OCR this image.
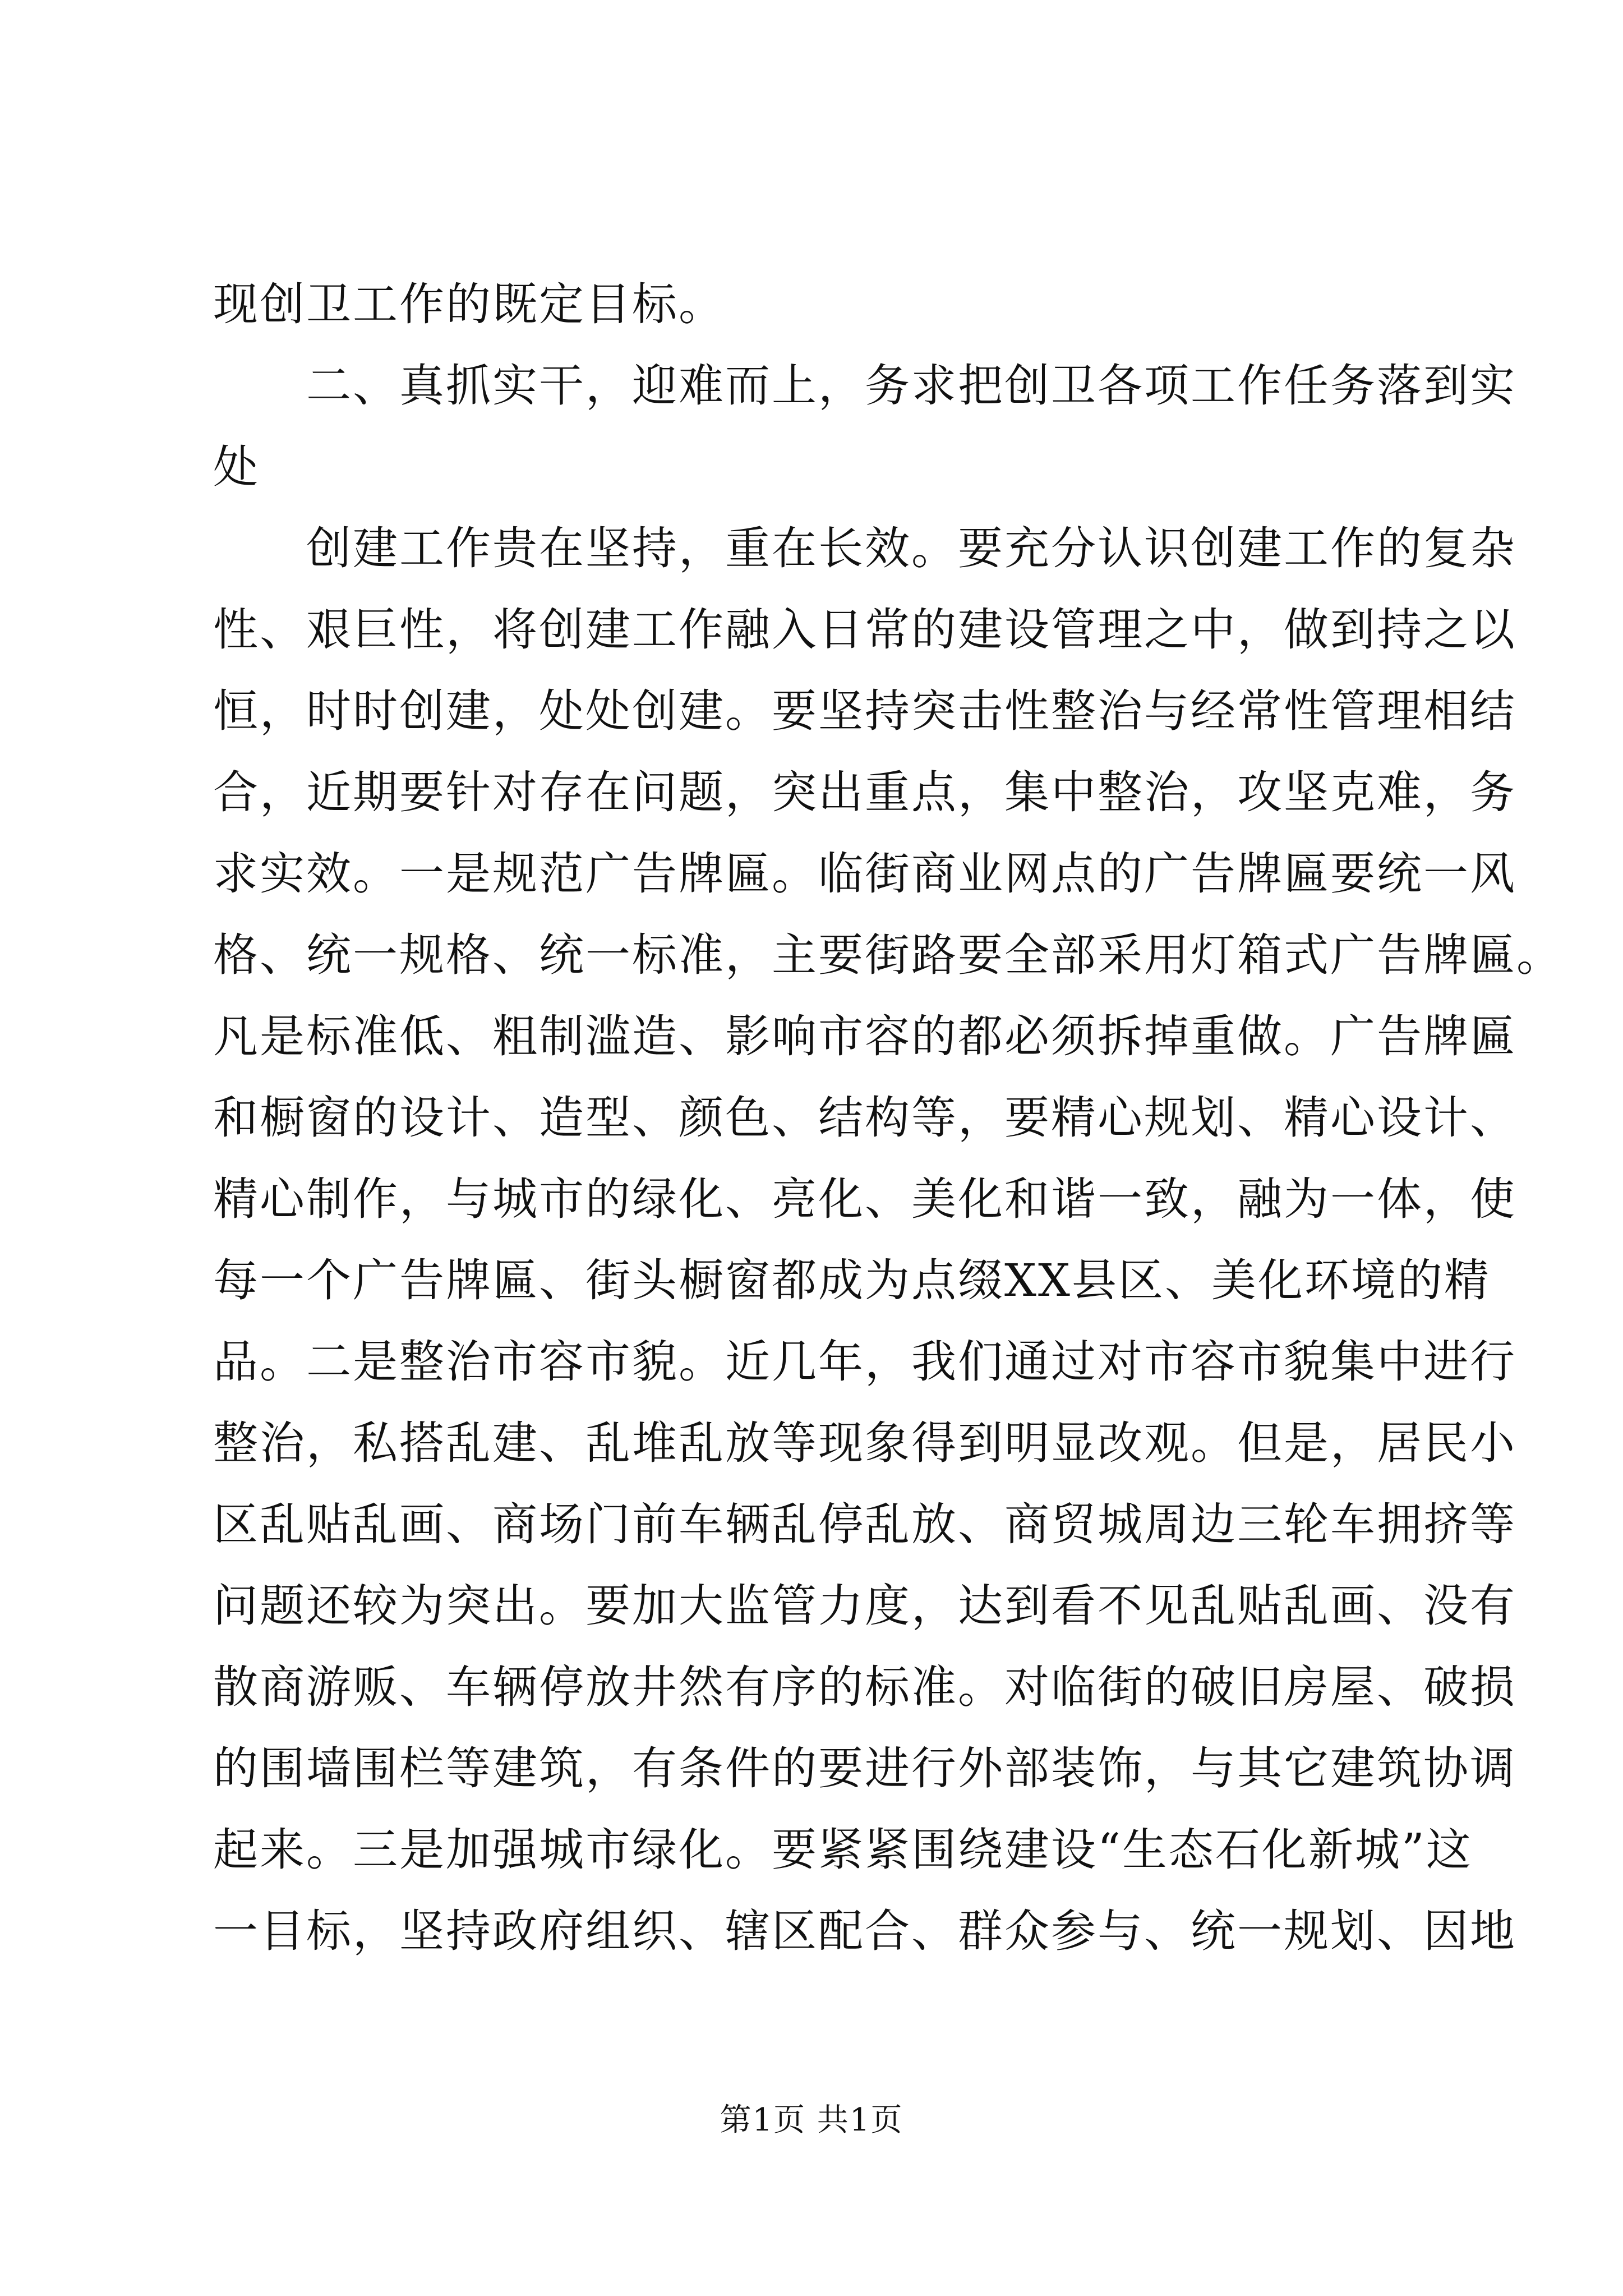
现创卫工作的既定目标。
　　二、真抓实干，迎难而上，务求把创卫各项工作任务落到实
处
　　创建工作贵在坚持，重在长效。要充分认识创建工作的复杂
性、艰巨性，将创建工作融入日常的建设管理之中，做到持之以
恒，时时创建，处处创建。要坚持突击性整治与经常性管理相结
合，近期要针对存在问题，突出重点，集中整治，攻坚克难，务
求实效。一是规范广告牌匾。临街商业网点的广告牌匾要统一风
格、统一规格、统一标准，主要街路要全部采用灯箱式广告牌匾。
凡是标准低、粗制滥造、影响市容的都必须拆掉重做。广告牌匾
和橱窗的设计、造型、颜色、结构等，要精心规划、精心设计、
精心制作，与城市的绿化、亮化、美化和谐一致，融为一体，使
每一个广告牌匾、街头橱窗都成为点缀XX县区、美化环境的精
品。二是整治市容市貌。近几年，我们通过对市容市貌集中进行
整治，私搭乱建、乱堆乱放等现象得到明显改观。但是，居民小
区乱贴乱画、商场门前车辆乱停乱放、商贸城周边三轮车拥挤等
问题还较为突出。要加大监管力度，达到看不见乱贴乱画、没有
散商游贩、车辆停放井然有序的标准。对临街的破旧房屋、破损
的围墙围栏等建筑，有条件的要进行外部装饰，与其它建筑协调
起来。三是加强城市绿化。要紧紧围绕建设“生态石化新城”这
一目标，坚持政府组织、辖区配合、群众参与、统一规划、因地
第1页 共1页
